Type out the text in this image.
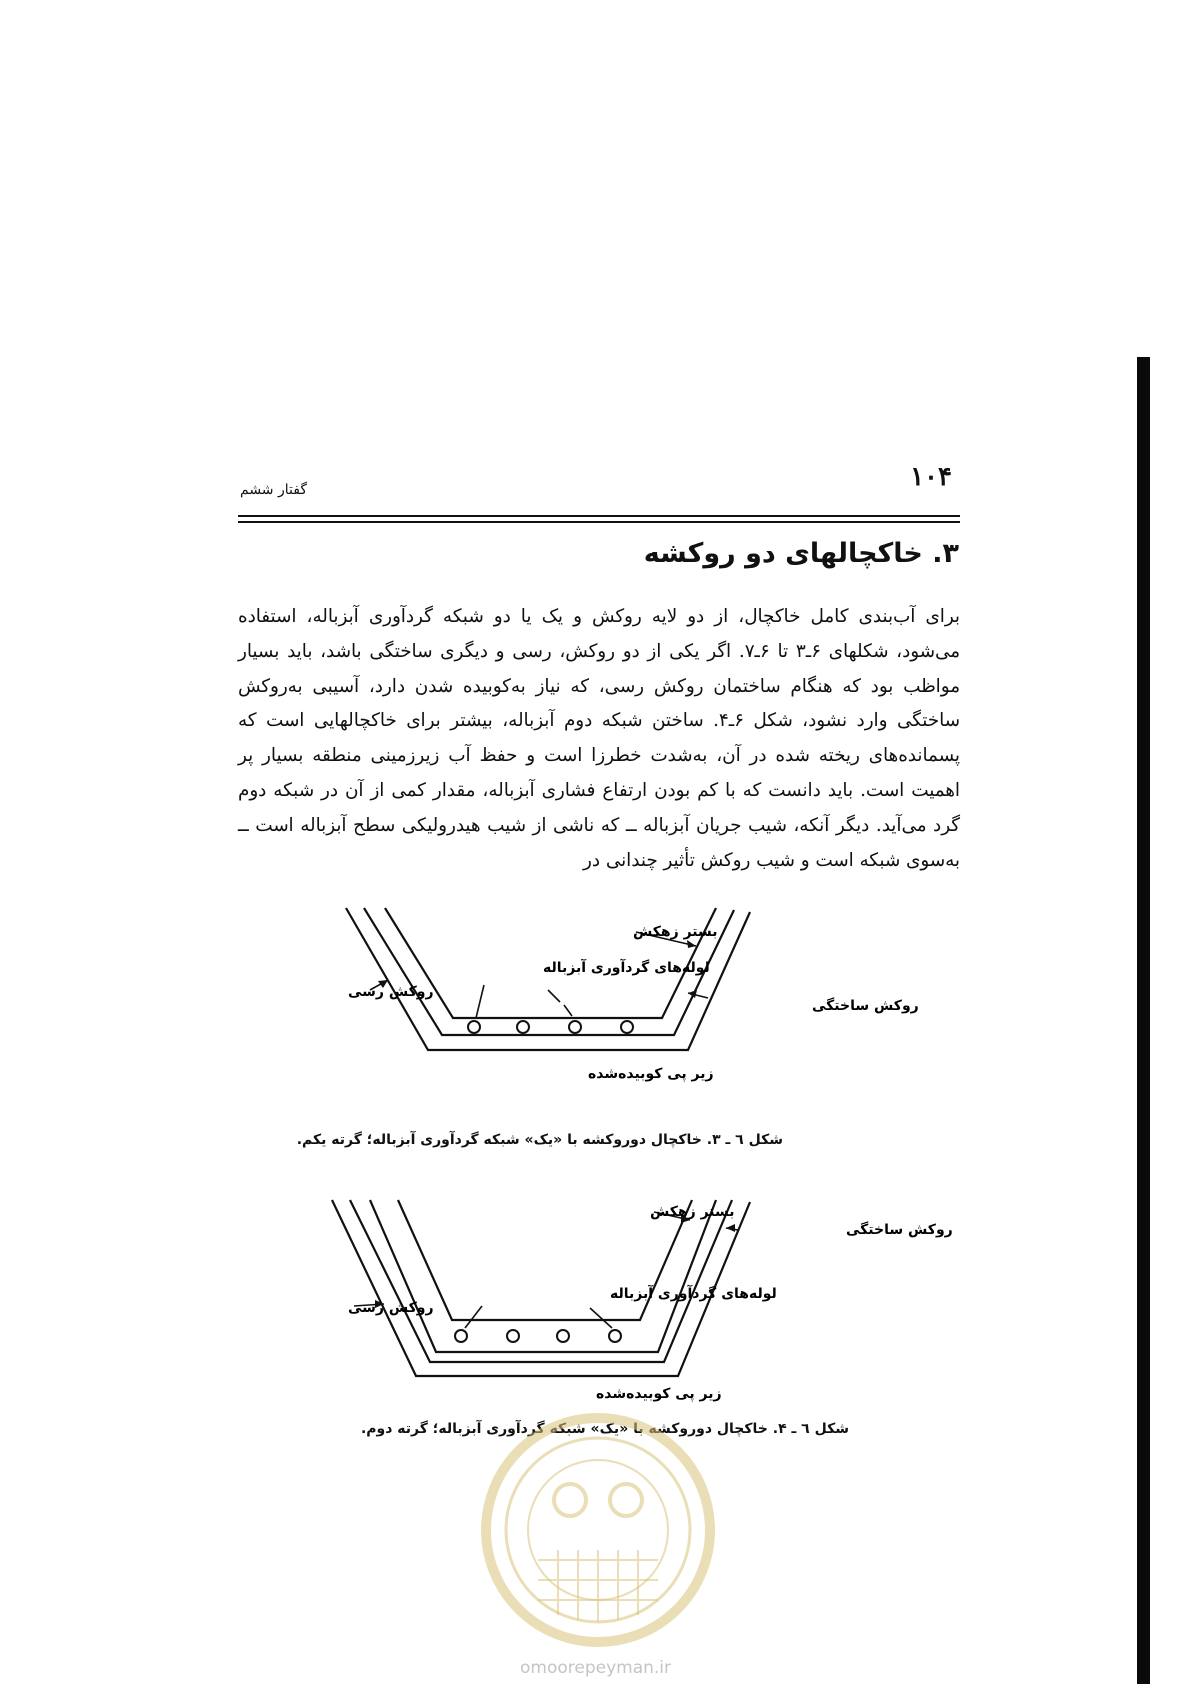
۱۰۴
گفتار ششم
۳. خاکچالهای دو روکشه
برای آب‌بندی کامل خاکچال، از دو لایه روکش و یک یا دو شبکه گردآوری آبزباله، استفاده می‌شود، شکلهای ۶ـ۳ تا ۶ـ۷. اگر یکی از دو روکش، رسی و دیگری ساختگی باشد، باید بسیار مواظب بود که هنگام ساختمان روکش رسی، که نیاز به‌کوبیده شدن دارد، آسیبی به‌روکش ساختگی وارد نشود، شکل ۶ـ۴. ساختن شبکه دوم آبزباله، بیشتر برای خاکچالهایی است که پسمانده‌های ریخته شده در آن، به‌شدت خطرزا است و حفظ آب زیرزمینی منطقه بسیار پر اهمیت است. باید دانست که با کم بودن ارتفاع فشاری آبزباله، مقدار کمی از آن در شبکه دوم گرد می‌آید. دیگر آنکه، شیب جریان آبزباله ــ که ناشی از شیب هیدرولیکی سطح آبزباله است ــ به‌سوی شبکه است و شیب روکش تأثیر چندانی در
بستر زهکش
لوله‌های گردآوری آبزباله
روکش رسی
روکش ساختگی
زیر پی کوبیده‌شده
شکل ٦ ـ ٣. خاکچال دوروکشه با «یک» شبکه گردآوری آبزباله؛ گرته یکم.
بستر زهکش
لوله‌های گردآوری آبزباله
روکش رسی
روکش ساختگی
زیر پی کوبیده‌شده
شکل ٦ ـ ۴. خاکچال دوروکشه با «یک» شبکه گردآوری آبزباله؛ گرته دوم.
omoorepeyman.ir
